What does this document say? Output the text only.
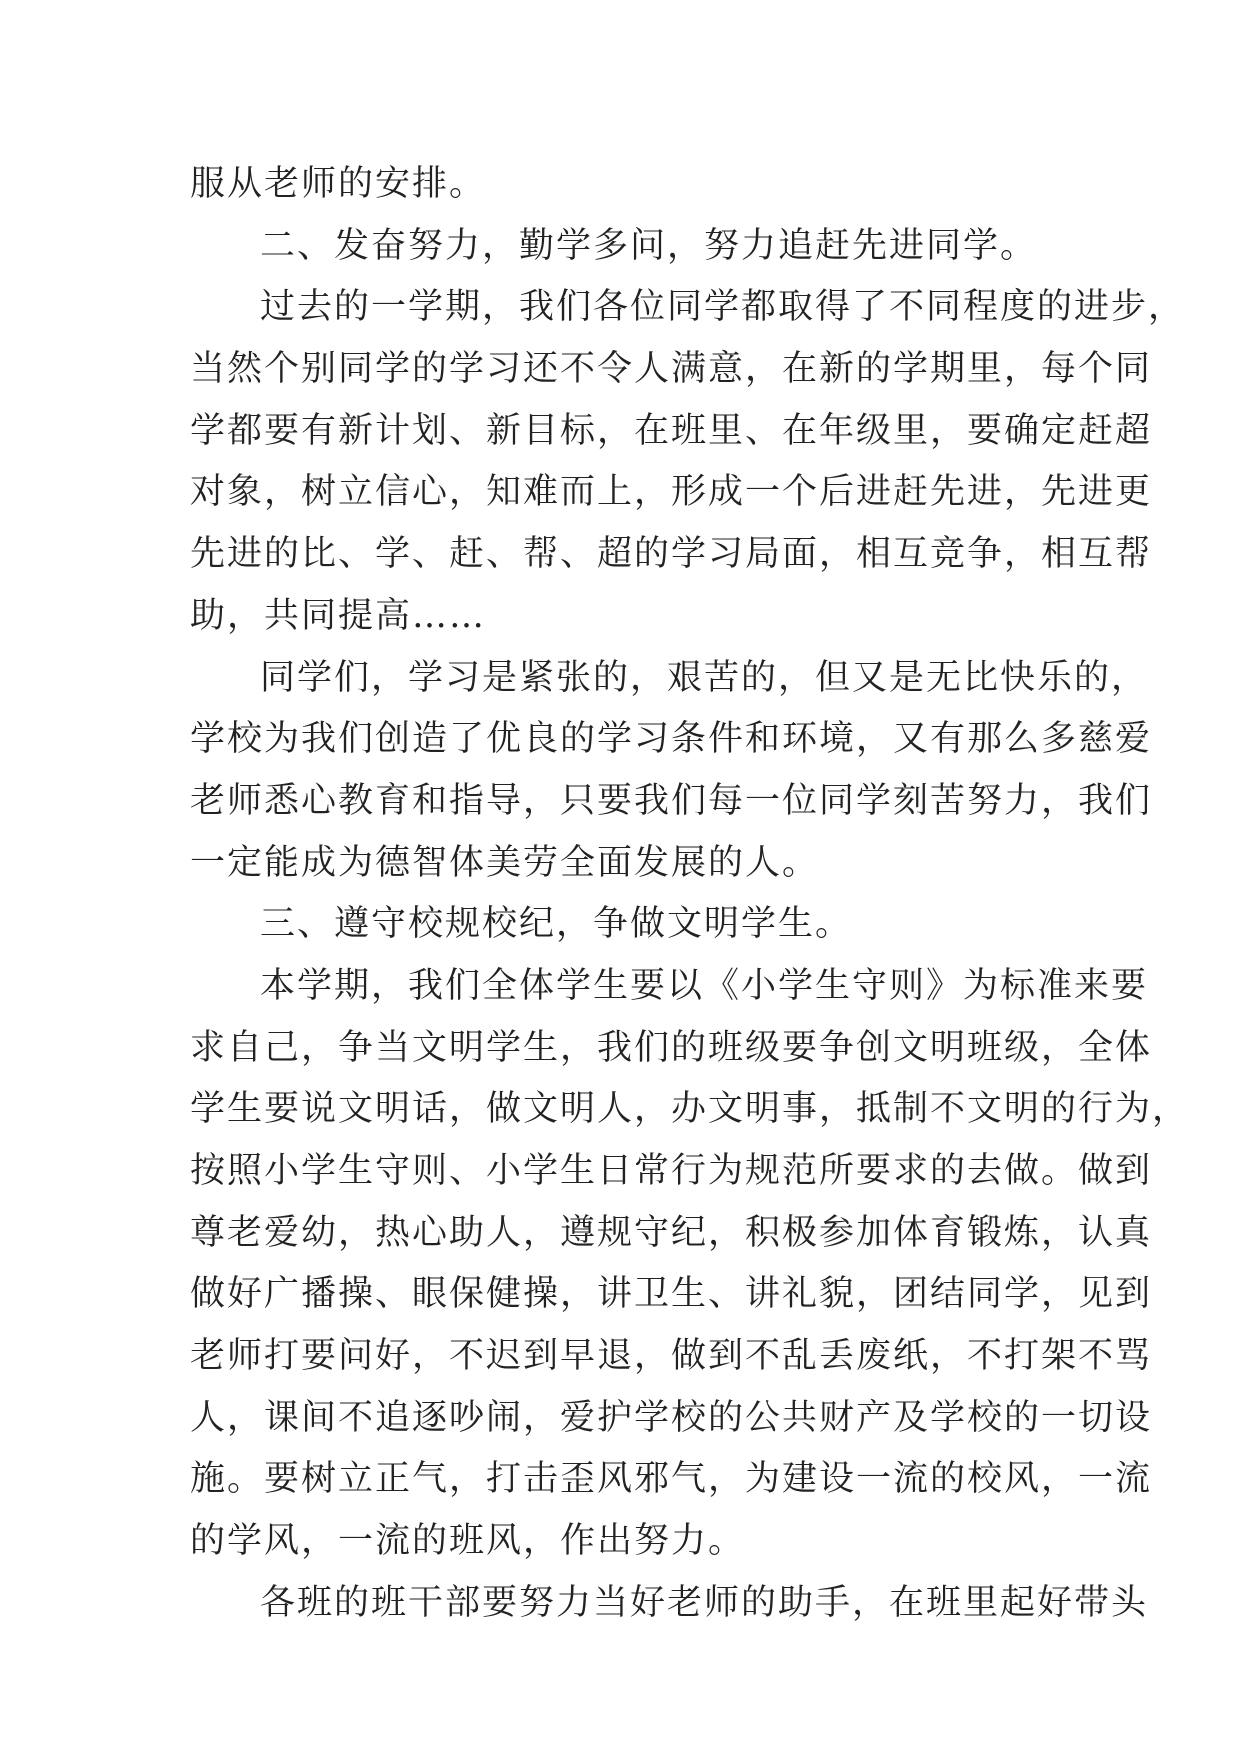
服从老师的安排。
二、发奋努力，勤学多问，努力追赶先进同学。
过去的一学期，我们各位同学都取得了不同程度的进步，
当然个别同学的学习还不令人满意，在新的学期里，每个同
学都要有新计划、新目标，在班里、在年级里，要确定赶超
对象，树立信心，知难而上，形成一个后进赶先进，先进更
先进的比、学、赶、帮、超的学习局面，相互竞争，相互帮
助，共同提高……
同学们，学习是紧张的，艰苦的，但又是无比快乐的，
学校为我们创造了优良的学习条件和环境，又有那么多慈爱
老师悉心教育和指导，只要我们每一位同学刻苦努力，我们
一定能成为德智体美劳全面发展的人。
三、遵守校规校纪，争做文明学生。
本学期，我们全体学生要以《小学生守则》为标准来要
求自己，争当文明学生，我们的班级要争创文明班级，全体
学生要说文明话，做文明人，办文明事，抵制不文明的行为，
按照小学生守则、小学生日常行为规范所要求的去做。做到
尊老爱幼，热心助人，遵规守纪，积极参加体育锻炼，认真
做好广播操、眼保健操，讲卫生、讲礼貌，团结同学，见到
老师打要问好，不迟到早退，做到不乱丢废纸，不打架不骂
人，课间不追逐吵闹，爱护学校的公共财产及学校的一切设
施。要树立正气，打击歪风邪气，为建设一流的校风，一流
的学风，一流的班风，作出努力。
各班的班干部要努力当好老师的助手，在班里起好带头
